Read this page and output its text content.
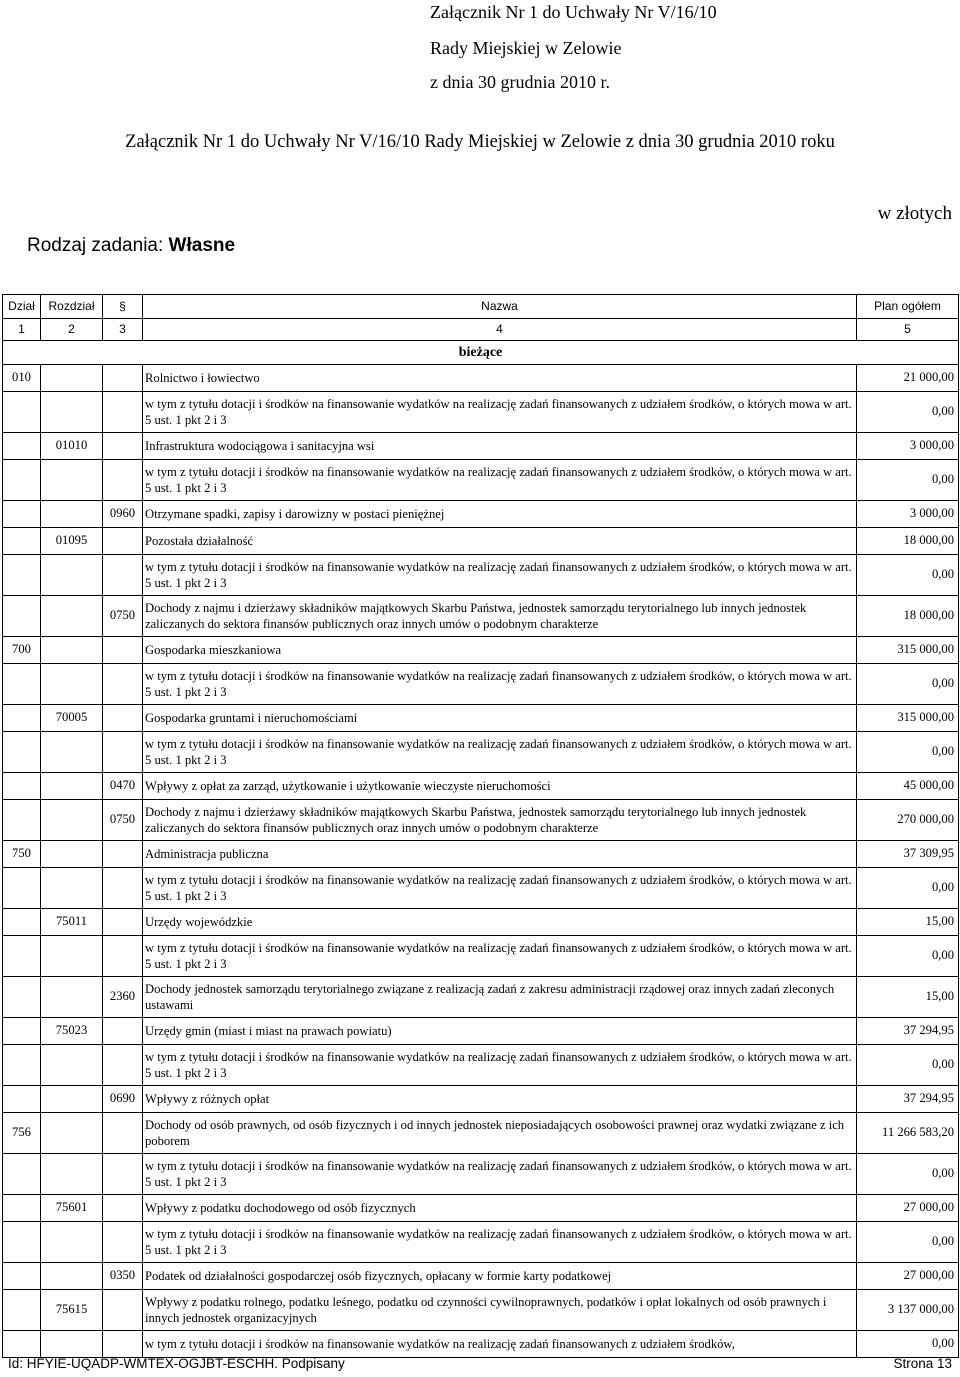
Załącznik Nr 1 do Uchwały Nr V/16/10
Rady Miejskiej w Zelowie
z dnia 30 grudnia 2010 r.
Załącznik Nr 1 do Uchwały Nr V/16/10 Rady Miejskiej w Zelowie z dnia 30 grudnia 2010 roku
w złotych
Rodzaj zadania: Własne
Dział	Rozdział	§	Nazwa	Plan ogółem
1	2	3	4	5
bieżące				
010			Rolnictwo i łowiectwo	21 000,00
			w tym z tytułu dotacji i środków na finansowanie wydatków na realizację zadań finansowanych z udziałem środków, o których mowa w art. 5 ust. 1 pkt 2 i 3	0,00
	01010		Infrastruktura wodociągowa i sanitacyjna wsi	3 000,00
			w tym z tytułu dotacji i środków na finansowanie wydatków na realizację zadań finansowanych z udziałem środków, o których mowa w art. 5 ust. 1 pkt 2 i 3	0,00
		0960	Otrzymane spadki, zapisy i darowizny w postaci pieniężnej	3 000,00
	01095		Pozostała działalność	18 000,00
			w tym z tytułu dotacji i środków na finansowanie wydatków na realizację zadań finansowanych z udziałem środków, o których mowa w art. 5 ust. 1 pkt 2 i 3	0,00
		0750	Dochody z najmu i dzierżawy składników majątkowych Skarbu Państwa, jednostek samorządu terytorialnego lub innych jednostek zaliczanych do sektora finansów publicznych oraz innych umów o podobnym charakterze	18 000,00
700			Gospodarka mieszkaniowa	315 000,00
			w tym z tytułu dotacji i środków na finansowanie wydatków na realizację zadań finansowanych z udziałem środków, o których mowa w art. 5 ust. 1 pkt 2 i 3	0,00
	70005		Gospodarka gruntami i nieruchomościami	315 000,00
			w tym z tytułu dotacji i środków na finansowanie wydatków na realizację zadań finansowanych z udziałem środków, o których mowa w art. 5 ust. 1 pkt 2 i 3	0,00
		0470	Wpływy z opłat za zarząd, użytkowanie i użytkowanie wieczyste nieruchomości	45 000,00
		0750	Dochody z najmu i dzierżawy składników majątkowych Skarbu Państwa, jednostek samorządu terytorialnego lub innych jednostek zaliczanych do sektora finansów publicznych oraz innych umów o podobnym charakterze	270 000,00
750			Administracja publiczna	37 309,95
			w tym z tytułu dotacji i środków na finansowanie wydatków na realizację zadań finansowanych z udziałem środków, o których mowa w art. 5 ust. 1 pkt 2 i 3	0,00
	75011		Urzędy wojewódzkie	15,00
			w tym z tytułu dotacji i środków na finansowanie wydatków na realizację zadań finansowanych z udziałem środków, o których mowa w art. 5 ust. 1 pkt 2 i 3	0,00
		2360	Dochody jednostek samorządu terytorialnego związane z realizacją zadań z zakresu administracji rządowej oraz innych zadań zleconych ustawami	15,00
	75023		Urzędy gmin (miast i miast na prawach powiatu)	37 294,95
			w tym z tytułu dotacji i środków na finansowanie wydatków na realizację zadań finansowanych z udziałem środków, o których mowa w art. 5 ust. 1 pkt 2 i 3	0,00
		0690	Wpływy z różnych opłat	37 294,95
756			Dochody od osób prawnych, od osób fizycznych i od innych jednostek nieposiadających osobowości prawnej oraz wydatki związane z ich poborem	11 266 583,20
			w tym z tytułu dotacji i środków na finansowanie wydatków na realizację zadań finansowanych z udziałem środków, o których mowa w art. 5 ust. 1 pkt 2 i 3	0,00
	75601		Wpływy z podatku dochodowego od osób fizycznych	27 000,00
			w tym z tytułu dotacji i środków na finansowanie wydatków na realizację zadań finansowanych z udziałem środków, o których mowa w art. 5 ust. 1 pkt 2 i 3	0,00
		0350	Podatek od działalności gospodarczej osób fizycznych, opłacany w formie karty podatkowej	27 000,00
	75615		Wpływy z podatku rolnego, podatku leśnego, podatku od czynności cywilnoprawnych, podatków i opłat lokalnych od osób prawnych i innych jednostek organizacyjnych	3 137 000,00
			w tym z tytułu dotacji i środków na finansowanie wydatków na realizację zadań finansowanych z udziałem środków,	0,00
Id: HFYIE-UQADP-WMTEX-OGJBT-ESCHH. Podpisany	Strona 13
